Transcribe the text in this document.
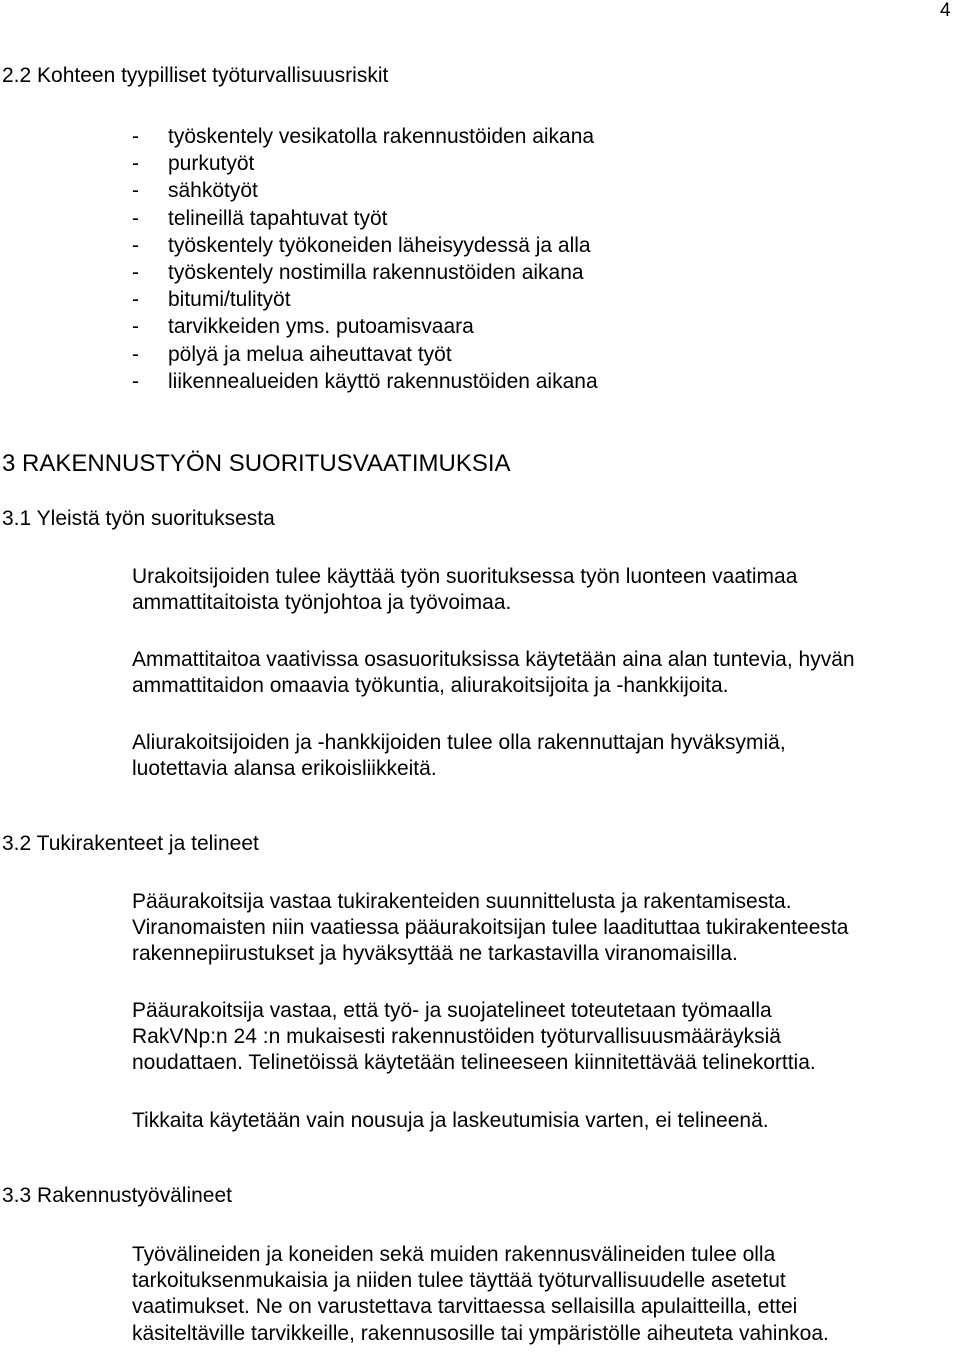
4
2.2 Kohteen tyypilliset työturvallisuusriskit
- työskentely vesikatolla rakennustöiden aikana
- purkutyöt
- sähkötyöt
- telineillä tapahtuvat työt
- työskentely työkoneiden läheisyydessä ja alla
- työskentely nostimilla rakennustöiden aikana
- bitumi/tulityöt
- tarvikkeiden yms. putoamisvaara
- pölyä ja melua aiheuttavat työt
- liikennealueiden käyttö rakennustöiden aikana
3 RAKENNUSTYÖN SUORITUSVAATIMUKSIA
3.1 Yleistä työn suorituksesta

Urakoitsijoiden tulee käyttää työn suorituksessa työn luonteen vaatimaa
ammattitaitoista työnjohtoa ja työvoimaa.

Ammattitaitoa vaativissa osasuorituksissa käytetään aina alan tuntevia, hyvän
ammattitaidon omaavia työkuntia, aliurakoitsijoita ja -hankkijoita.

Aliurakoitsijoiden ja -hankkijoiden tulee olla rakennuttajan hyväksymiä,
luotettavia alansa erikoisliikkeitä.

3.2 Tukirakenteet ja telineet

Pääurakoitsija vastaa tukirakenteiden suunnittelusta ja rakentamisesta.
Viranomaisten niin vaatiessa pääurakoitsijan tulee laadituttaa tukirakenteesta
rakennepiirustukset ja hyväksyttää ne tarkastavilla viranomaisilla.

Pääurakoitsija vastaa, että työ- ja suojatelineet toteutetaan työmaalla
RakVNp:n 24 :n mukaisesti rakennustöiden työturvallisuusmääräyksiä
noudattaen. Telinetöissä käytetään telineeseen kiinnitettävää telinekorttia.

Tikkaita käytetään vain nousuja ja laskeutumisia varten, ei telineenä.

3.3 Rakennustyövälineet

Työvälineiden ja koneiden sekä muiden rakennusvälineiden tulee olla
tarkoituksenmukaisia ja niiden tulee täyttää työturvallisuudelle asetetut
vaatimukset. Ne on varustettava tarvittaessa sellaisilla apulaitteilla, ettei
käsiteltäville tarvikkeille, rakennusosille tai ympäristölle aiheuteta vahinkoa.
